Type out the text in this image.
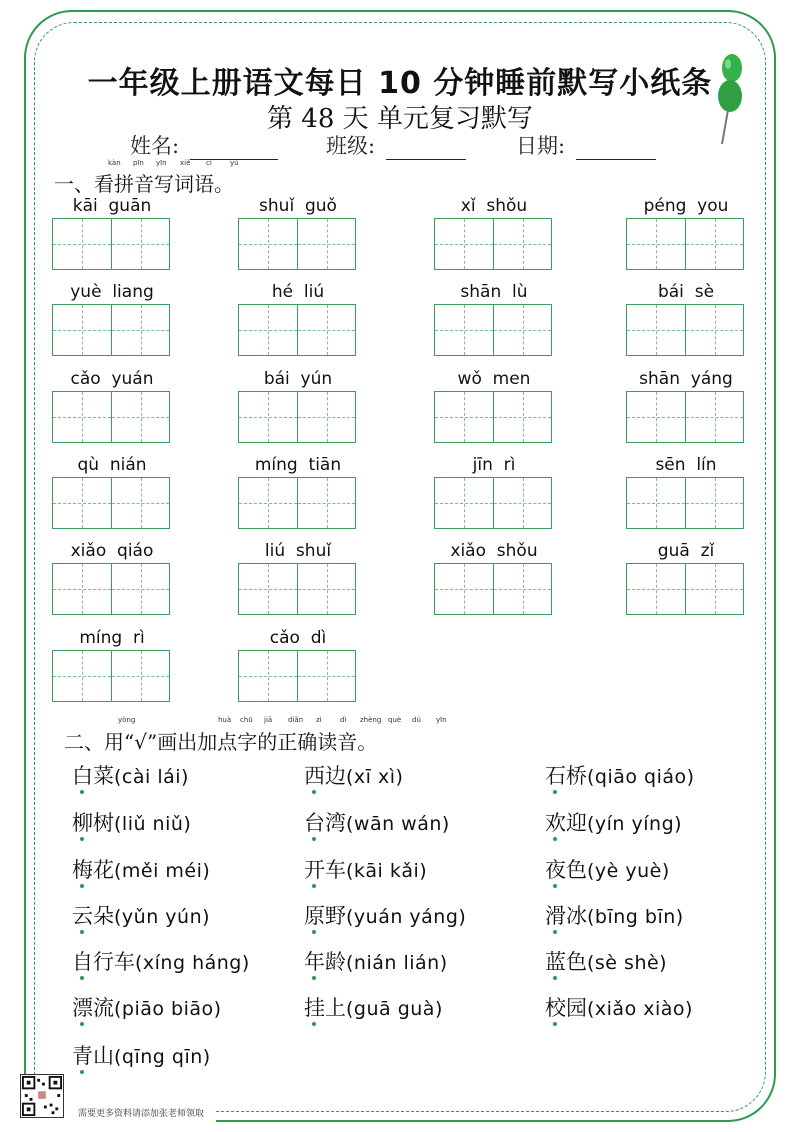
一年级上册语文每日 10 分钟睡前默写小纸条
第 48 天 单元复习默写
姓名:	班级:	日期:
kàn pīn yīn xiě cí	yǔ
一、看拼音写词语。
kāi  guān	shuǐ  guǒ	xǐ  shǒu	péng  you
yuè  liang	hé  liú	shān  lù	bái  sè
cǎo  yuán	bái  yún	wǒ  men	shān  yáng
qù  nián	míng  tiān	jīn  rì	sēn  lín
xiǎo  qiáo	liú  shuǐ	xiǎo  shǒu	guā  zǐ
míng  rì	cǎo  dì
yòng	huà chū jiā diǎn zì	dì zhèng què dú yīn
二、用“√”画出加点字的正确读音。
白菜(cài lái)	西边(xī xì)	石桥(qiāo qiáo)
柳树(liǔ niǔ)	台湾(wān wán)	欢迎(yín yíng)
梅花(měi méi)	开车(kāi kǎi)	夜色(yè yuè)
云朵(yǔn yún)	原野(yuán yáng)	滑冰(bīng bīn)
自行车(xíng háng)	年龄(nián lián)	蓝色(sè shè)
漂流(piāo biāo)	挂上(guā guà)	校园(xiǎo xiào)
青山(qīng qīn)
需要更多资料请添加张老师领取
